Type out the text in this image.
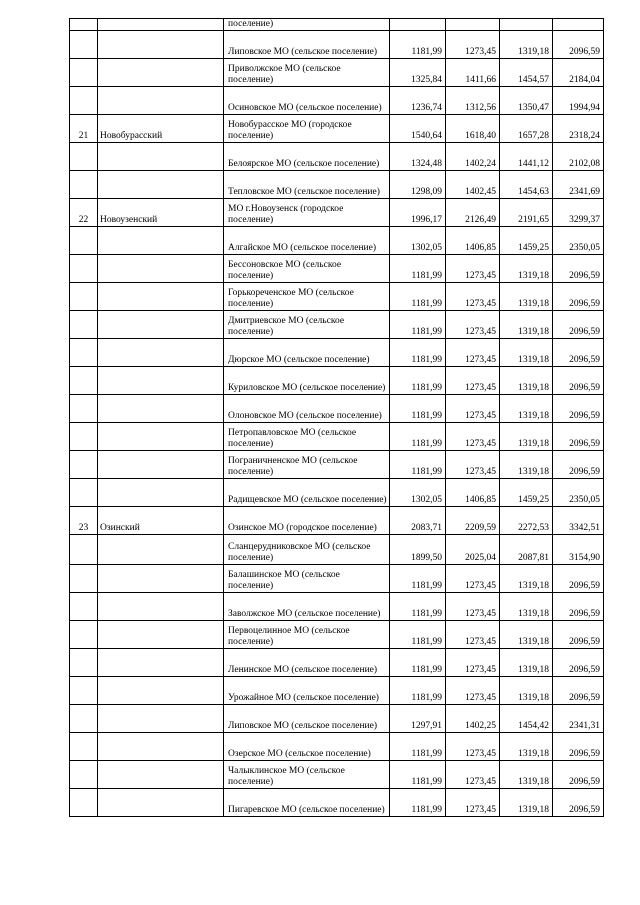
		поселение)				
		Липовское МО (сельское поселение)	1181,99	1273,45	1319,18	2096,59
		Приволжское МО (сельское поселение)	1325,84	1411,66	1454,57	2184,04
		Осиновское МО (сельское поселение)	1236,74	1312,56	1350,47	1994,94
21	Новобурасский	Новобурасское МО (городское поселение)	1540,64	1618,40	1657,28	2318,24
		Белоярское МО (сельское поселение)	1324,48	1402,24	1441,12	2102,08
		Тепловское МО (сельское поселение)	1298,09	1402,45	1454,63	2341,69
22	Новоузенский	МО г.Новоузенск (городское поселение)	1996,17	2126,49	2191,65	3299,37
		Алгайское МО (сельское поселение)	1302,05	1406,85	1459,25	2350,05
		Бессоновское МО (сельское поселение)	1181,99	1273,45	1319,18	2096,59
		Горькореченское МО (сельское поселение)	1181,99	1273,45	1319,18	2096,59
		Дмитриевское МО (сельское поселение)	1181,99	1273,45	1319,18	2096,59
		Дюрское МО (сельское поселение)	1181,99	1273,45	1319,18	2096,59
		Куриловское МО (сельское поселение)	1181,99	1273,45	1319,18	2096,59
		Олоновское МО (сельское поселение)	1181,99	1273,45	1319,18	2096,59
		Петропавловское МО (сельское поселение)	1181,99	1273,45	1319,18	2096,59
		Пограничненское МО (сельское поселение)	1181,99	1273,45	1319,18	2096,59
		Радищевское МО (сельское поселение)	1302,05	1406,85	1459,25	2350,05
23	Озинский	Озинское МО (городское поселение)	2083,71	2209,59	2272,53	3342,51
		Сланцерудниковское МО (сельское поселение)	1899,50	2025,04	2087,81	3154,90
		Балашинское МО (сельское поселение)	1181,99	1273,45	1319,18	2096,59
		Заволжское МО (сельское поселение)	1181,99	1273,45	1319,18	2096,59
		Первоцелинное МО (сельское поселение)	1181,99	1273,45	1319,18	2096,59
		Ленинское МО (сельское поселение)	1181,99	1273,45	1319,18	2096,59
		Урожайное МО (сельское поселение)	1181,99	1273,45	1319,18	2096,59
		Липовское МО (сельское поселение)	1297,91	1402,25	1454,42	2341,31
		Озерское МО (сельское поселение)	1181,99	1273,45	1319,18	2096,59
		Чалыклинское МО (сельское поселение)	1181,99	1273,45	1319,18	2096,59
		Пигаревское МО (сельское поселение)	1181,99	1273,45	1319,18	2096,59
